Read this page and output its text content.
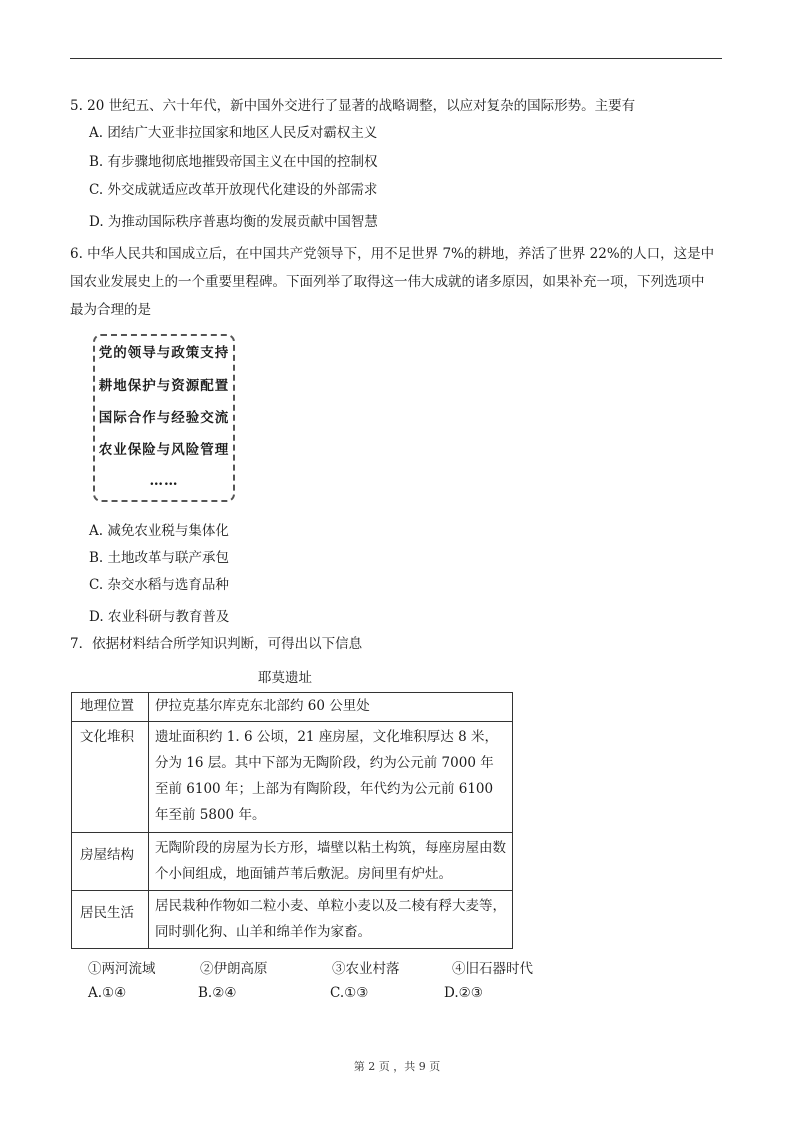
5. 20 世纪五、六十年代，新中国外交进行了显著的战略调整，以应对复杂的国际形势。主要有
A. 团结广大亚非拉国家和地区人民反对霸权主义
B. 有步骤地彻底地摧毁帝国主义在中国的控制权
C. 外交成就适应改革开放现代化建设的外部需求
D. 为推动国际秩序普惠均衡的发展贡献中国智慧
6. 中华人民共和国成立后，在中国共产党领导下，用不足世界 7%的耕地，养活了世界 22%的人口，这是中
国农业发展史上的一个重要里程碑。下面列举了取得这一伟大成就的诸多原因，如果补充一项，下列选项中
最为合理的是
党的领导与政策支持
耕地保护与资源配置
国际合作与经验交流
农业保险与风险管理
……
A. 减免农业税与集体化
B. 土地改革与联产承包
C. 杂交水稻与选育品种
D. 农业科研与教育普及
7．依据材料结合所学知识判断，可得出以下信息
耶莫遗址
地理位置	伊拉克基尔库克东北部约 60 公里处
文化堆积	遗址面积约 1. 6 公顷，21 座房屋，文化堆积厚达 8 米，分为 16 层。其中下部为无陶阶段，约为公元前 7000 年至前 6100 年；上部为有陶阶段，年代约为公元前 6100 年至前 5800 年。
房屋结构	无陶阶段的房屋为长方形，墙壁以粘土构筑，每座房屋由数个小间组成，地面铺芦苇后敷泥。房间里有炉灶。
居民生活	居民栽种作物如二粒小麦、单粒小麦以及二棱有稃大麦等，同时驯化狗、山羊和绵羊作为家畜。
①两河流域	②伊朗高原	③农业村落	④旧石器时代
A.①④	B.②④	C.①③	D.②③
第 2 页 ，共 9 页
